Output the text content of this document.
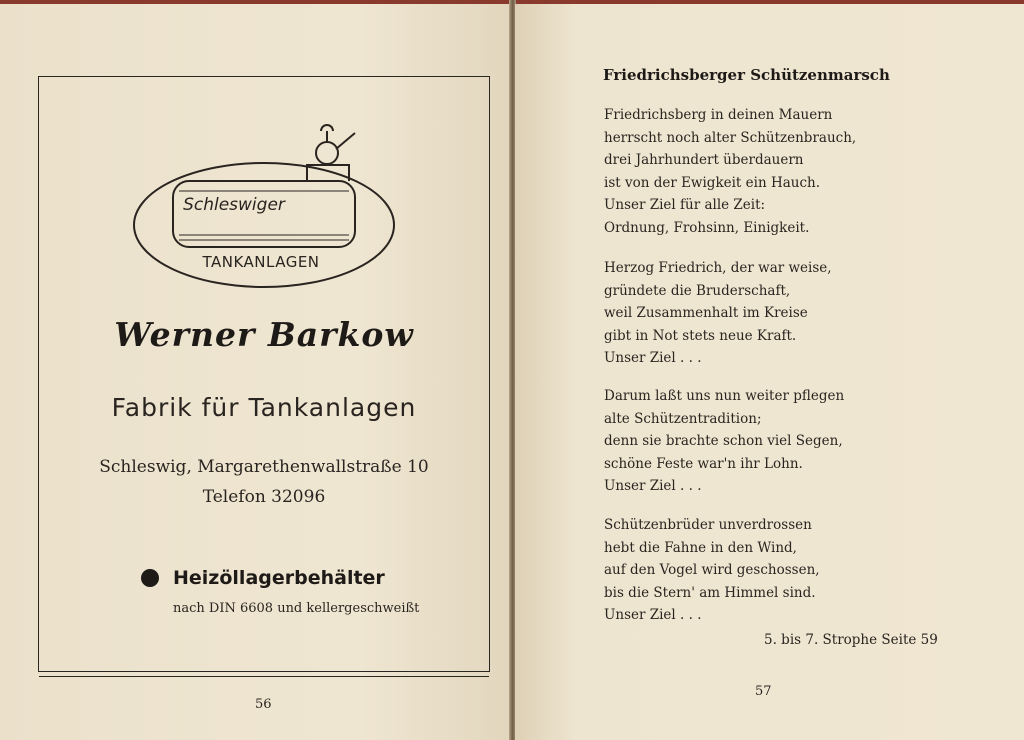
Schleswiger
TANKANLAGEN
Werner Barkow
Fabrik für Tankanlagen
Schleswig, Margarethenwallstraße 10
Telefon 32096
Heizöllagerbehälter
nach DIN 6608 und kellergeschweißt
56
Friedrichsberger Schützenmarsch
Friedrichsberg in deinen Mauern
herrscht noch alter Schützenbrauch,
drei Jahrhundert überdauern
ist von der Ewigkeit ein Hauch.
Unser Ziel für alle Zeit:
Ordnung, Frohsinn, Einigkeit.
Herzog Friedrich, der war weise,
gründete die Bruderschaft,
weil Zusammenhalt im Kreise
gibt in Not stets neue Kraft.
Unser Ziel . . .
Darum laßt uns nun weiter pflegen
alte Schützentradition;
denn sie brachte schon viel Segen,
schöne Feste war'n ihr Lohn.
Unser Ziel . . .
Schützenbrüder unverdrossen
hebt die Fahne in den Wind,
auf den Vogel wird geschossen,
bis die Stern' am Himmel sind.
Unser Ziel . . .
5. bis 7. Strophe Seite 59
57
